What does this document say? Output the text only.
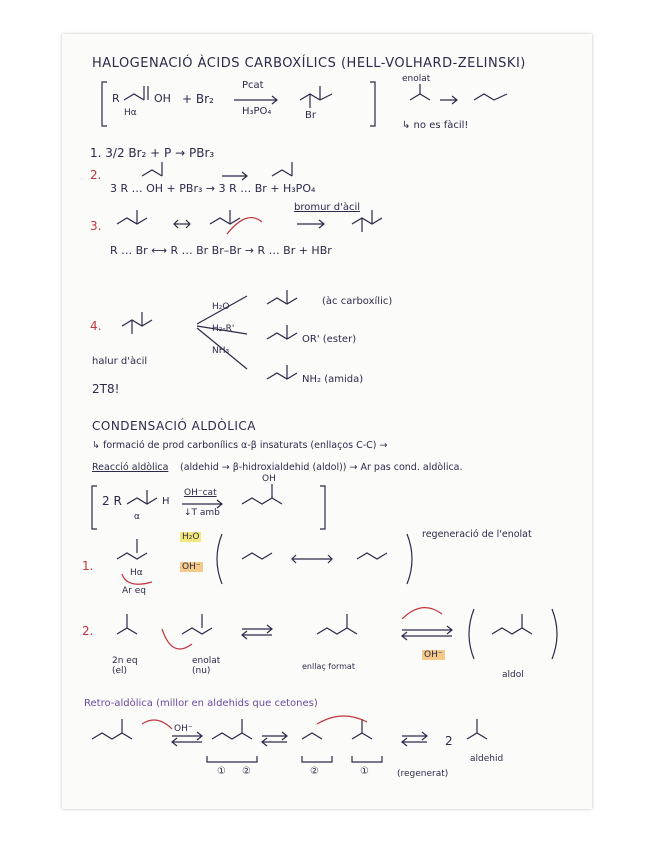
HALOGENACIÓ ÀCIDS CARBOXÍLICS (HELL-VOLHARD-ZELINSKI)
R	OH + Br₂
Pcat
H₃PO₄
Hα	Br
enolat
↳ no es fàcil!
1. 3/2 Br₂ + P → PBr₃
2.
3 R … OH + PBr₃ → 3 R … Br + H₃PO₄
bromur d'àcil
3.
R … Br ⟷ R … Br Br–Br → R … Br + HBr
4.
H₂O
H₂-R'
NH₃
(àc carboxílic)
OR' (ester)
NH₂ (amida)
halur d'àcil
2T8!
CONDENSACIÓ ALDÒLICA
↳ formació de prod carbonílics α-β insaturats (enllaços C-C) →
Reacció aldòlica (aldehid → β-hidroxialdehid (aldol)) → Ar pas cond. aldòlica.
2 R	H
α
OH⁻cat
↓T amb
OH
regeneració de l'enolat
1.
H₂O
OH⁻
Hα
Ar eq
2.
2n eq (el)
enolat (nu)	enllaç format
OH⁻
aldol
Retro-aldòlica (millor en aldehids que cetones)
OH⁻
2
aldehid
(regenerat)
① ②	②	①
